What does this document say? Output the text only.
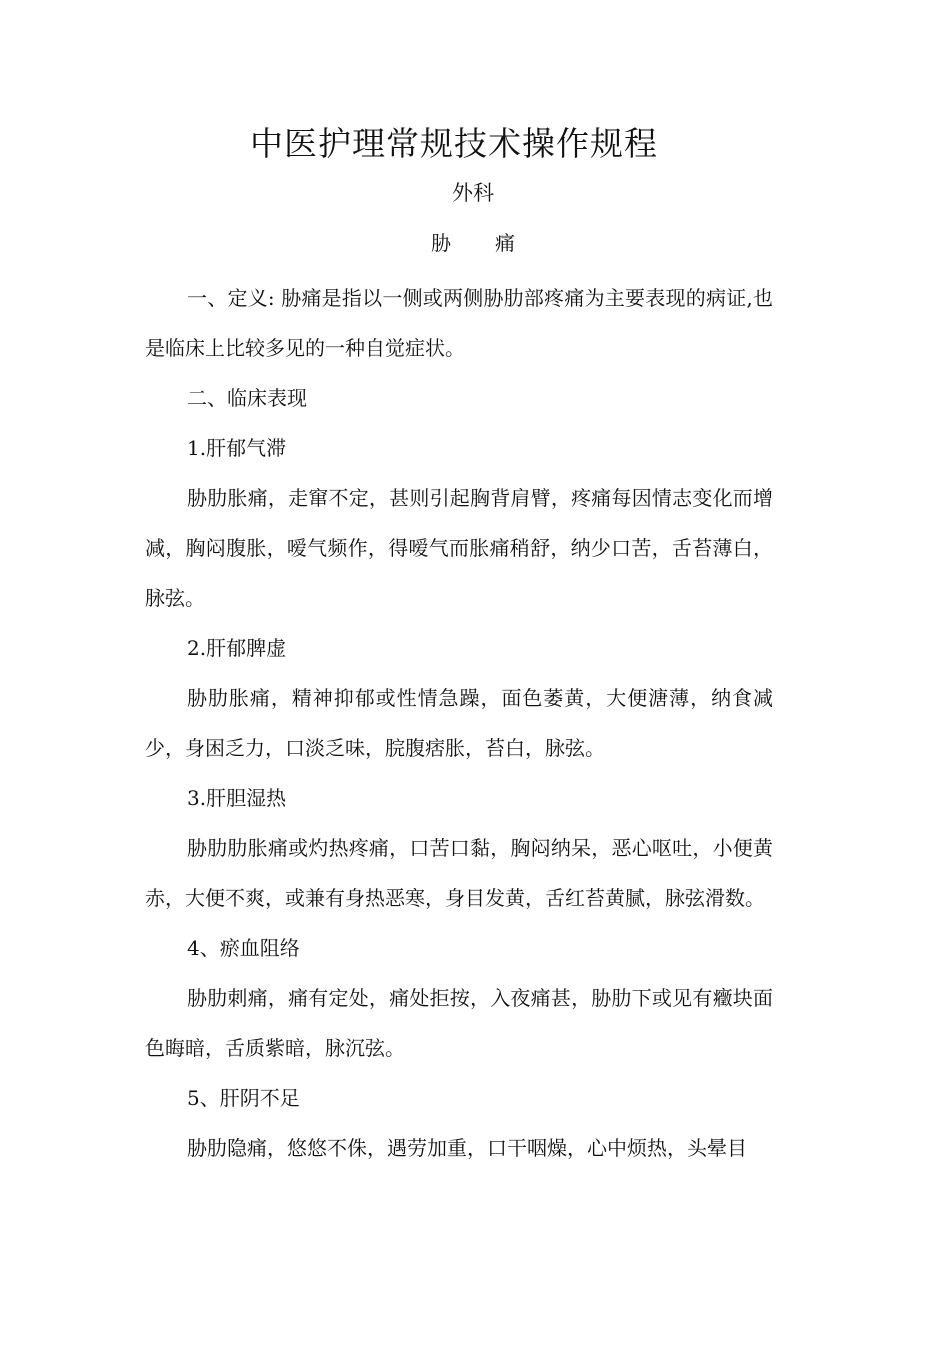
中医护理常规技术操作规程
外科
胁 痛

一、定义: 胁痛是指以一侧或两侧胁肋部疼痛为主要表现的病证,也是临床上比较多见的一种自觉症状。

二、临床表现

1.肝郁气滞

胁肋胀痛，走窜不定，甚则引起胸背肩臂，疼痛每因情志变化而增减，胸闷腹胀，嗳气频作，得嗳气而胀痛稍舒，纳少口苦，舌苔薄白，脉弦。

2.肝郁脾虚

胁肋胀痛，精神抑郁或性情急躁，面色萎黄，大便溏薄，纳食减少，身困乏力，口淡乏味，脘腹痞胀，苔白，脉弦。

3.肝胆湿热

胁肋肋胀痛或灼热疼痛，口苦口黏，胸闷纳呆，恶心呕吐，小便黄赤，大便不爽，或兼有身热恶寒，身目发黄，舌红苔黄腻，脉弦滑数。

4、瘀血阻络

胁肋刺痛，痛有定处，痛处拒按，入夜痛甚，胁肋下或见有癥块面色晦暗，舌质紫暗，脉沉弦。

5、肝阴不足

胁肋隐痛，悠悠不侏，遇劳加重，口干咽燥，心中烦热，头晕目
